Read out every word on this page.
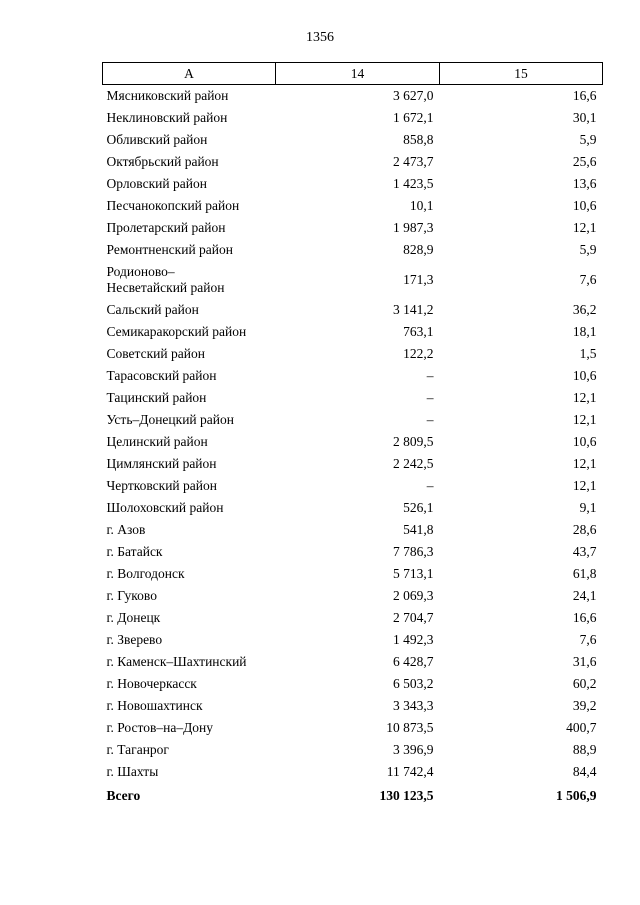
1356
А	14	15
Мясниковский район	3 627,0	16,6
Неклиновский район	1 672,1	30,1
Обливский район	858,8	5,9
Октябрьский район	2 473,7	25,6
Орловский район	1 423,5	13,6
Песчанокопский район	10,1	10,6
Пролетарский район	1 987,3	12,1
Ремонтненский район	828,9	5,9
Родионово–
Несветайский район	171,3	7,6
Сальский район	3 141,2	36,2
Семикаракорский район	763,1	18,1
Советский район	122,2	1,5
Тарасовский район	–	10,6
Тацинский район	–	12,1
Усть–Донецкий район	–	12,1
Целинский район	2 809,5	10,6
Цимлянский район	2 242,5	12,1
Чертковский район	–	12,1
Шолоховский район	526,1	9,1
г. Азов	541,8	28,6
г. Батайск	7 786,3	43,7
г. Волгодонск	5 713,1	61,8
г. Гуково	2 069,3	24,1
г. Донецк	2 704,7	16,6
г. Зверево	1 492,3	7,6
г. Каменск–Шахтинский	6 428,7	31,6
г. Новочеркасск	6 503,2	60,2
г. Новошахтинск	3 343,3	39,2
г. Ростов–на–Дону	10 873,5	400,7
г. Таганрог	3 396,9	88,9
г. Шахты	11 742,4	84,4
Всего	130 123,5	1 506,9
